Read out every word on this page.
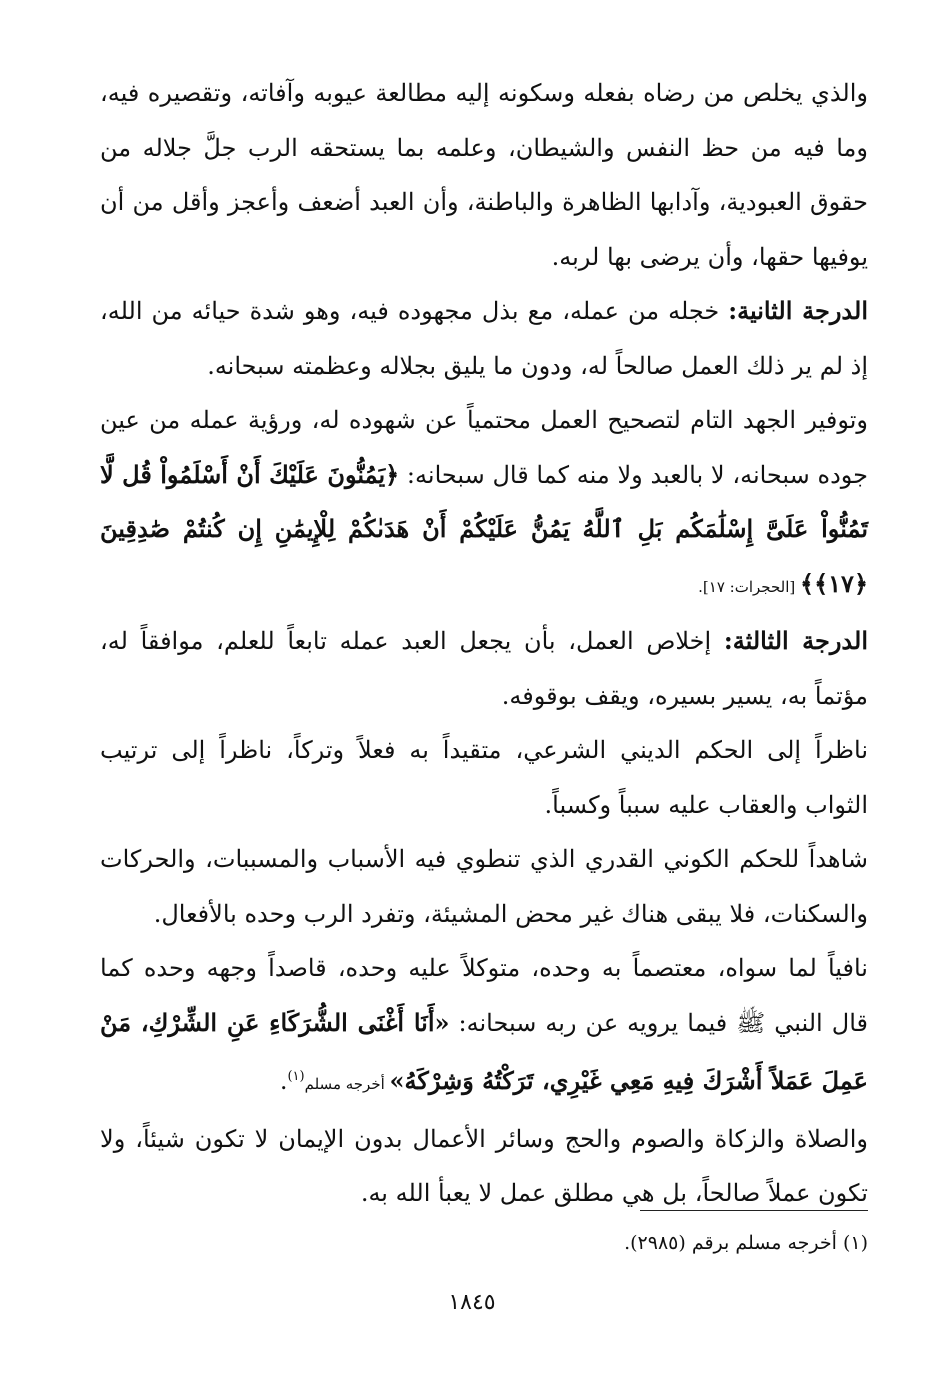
والذي يخلص من رضاه بفعله وسكونه إليه مطالعة عيوبه وآفاته، وتقصيره فيه، وما فيه من حظ النفس والشيطان، وعلمه بما يستحقه الرب جلَّ جلاله من حقوق العبودية، وآدابها الظاهرة والباطنة، وأن العبد أضعف وأعجز وأقل من أن يوفيها حقها، وأن يرضى بها لربه.

الدرجة الثانية: خجله من عمله، مع بذل مجهوده فيه، وهو شدة حيائه من الله، إذ لم ير ذلك العمل صالحاً له، ودون ما يليق بجلاله وعظمته سبحانه.

وتوفير الجهد التام لتصحيح العمل محتمياً عن شهوده له، ورؤية عمله من عين جوده سبحانه، لا بالعبد ولا منه كما قال سبحانه: ﴿يَمُنُّونَ عَلَيْكَ أَنْ أَسْلَمُواْ قُل لَّا تَمُنُّواْ عَلَىَّ إِسْلَٰمَكُم بَلِ ٱللَّهُ يَمُنُّ عَلَيْكُمْ أَنْ هَدَىٰكُمْ لِلْإِيمَٰنِ إِن كُنتُمْ صَٰدِقِينَ ﴿١٧﴾﴾ [الحجرات: ١٧].

الدرجة الثالثة: إخلاص العمل، بأن يجعل العبد عمله تابعاً للعلم، موافقاً له، مؤتماً به، يسير بسيره، ويقف بوقوفه.

ناظراً إلى الحكم الديني الشرعي، متقيداً به فعلاً وتركاً، ناظراً إلى ترتيب الثواب والعقاب عليه سبباً وكسباً.

شاهداً للحكم الكوني القدري الذي تنطوي فيه الأسباب والمسببات، والحركات والسكنات، فلا يبقى هناك غير محض المشيئة، وتفرد الرب وحده بالأفعال.

نافياً لما سواه، معتصماً به وحده، متوكلاً عليه وحده، قاصداً وجهه وحده كما قال النبي ﷺ فيما يرويه عن ربه سبحانه: «أَنَا أَغْنَى الشُّرَكَاءِ عَنِ الشِّرْكِ، مَنْ عَمِلَ عَمَلاً أَشْرَكَ فِيهِ مَعِي غَيْرِي، تَرَكْتُهُ وَشِرْكَهُ» أخرجه مسلم$^{(١)}$.

والصلاة والزكاة والصوم والحج وسائر الأعمال بدون الإيمان لا تكون شيئاً، ولا تكون عملاً صالحاً، بل هي مطلق عمل لا يعبأ الله به.

(١) أخرجه مسلم برقم (٢٩٨٥).

١٨٤٥
